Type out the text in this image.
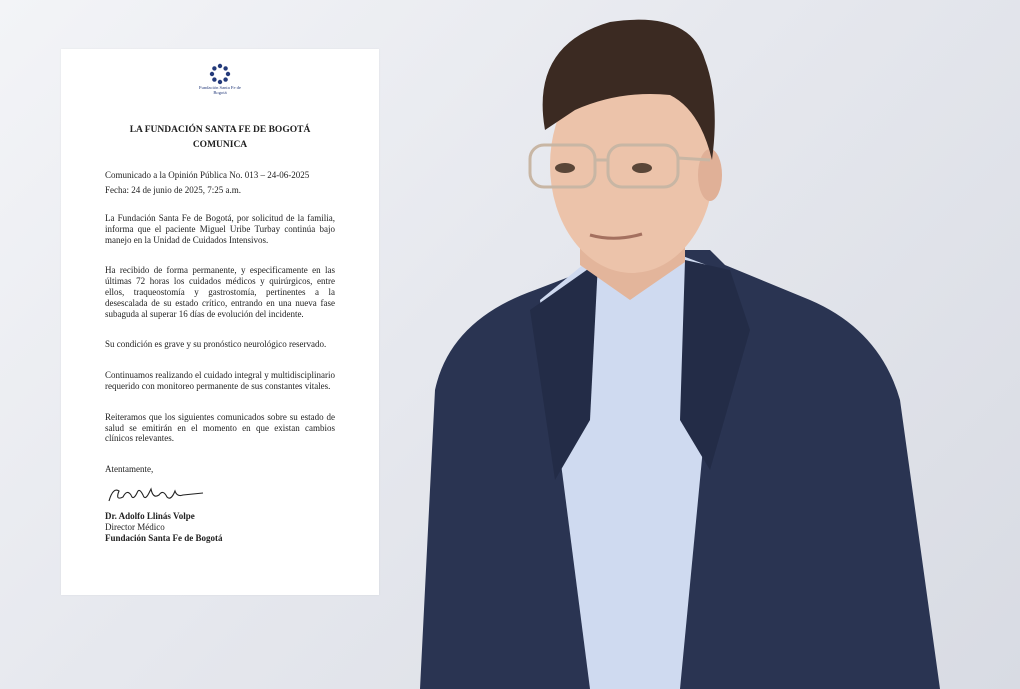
Fundación Santa Fe de Bogotá
LA FUNDACIÓN SANTA FE DE BOGOTÁ
COMUNICA
Comunicado a la Opinión Pública No. 013 – 24-06-2025
Fecha: 24 de junio de 2025, 7:25 a.m.
La Fundación Santa Fe de Bogotá, por solicitud de la familia, informa que el paciente Miguel Uribe Turbay continúa bajo manejo en la Unidad de Cuidados Intensivos.
Ha recibido de forma permanente, y especificamente en las últimas 72 horas los cuidados médicos y quirúrgicos, entre ellos, traqueostomía y gastrostomía, pertinentes a la desescalada de su estado crítico, entrando en una nueva fase subaguda al superar 16 días de evolución del incidente.
Su condición es grave y su pronóstico neurológico reservado.
Continuamos realizando el cuidado integral y multidisciplinario requerido con monitoreo permanente de sus constantes vitales.
Reiteramos que los siguientes comunicados sobre su estado de salud se emitirán en el momento en que existan cambios clínicos relevantes.
Atentamente,
Dr. Adolfo Llinás Volpe
Director Médico
Fundación Santa Fe de Bogotá
